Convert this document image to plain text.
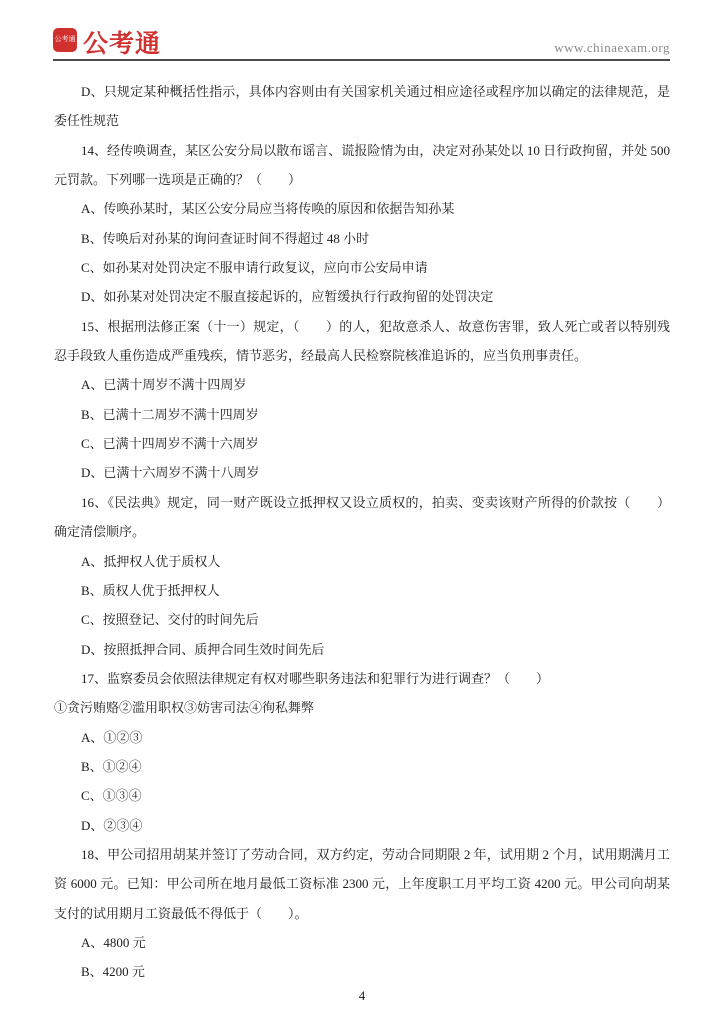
公考通 公考通	www.chinaexam.org

D、只规定某种概括性指示，具体内容则由有关国家机关通过相应途径或程序加以确定的法律规范，是委任性规范

14、经传唤调查，某区公安分局以散布谣言、谎报险情为由，决定对孙某处以 10 日行政拘留，并处 500 元罚款。下列哪一选项是正确的？（　　）

A、传唤孙某时，某区公安分局应当将传唤的原因和依据告知孙某

B、传唤后对孙某的询问查证时间不得超过 48 小时

C、如孙某对处罚决定不服申请行政复议，应向市公安局申请

D、如孙某对处罚决定不服直接起诉的，应暂缓执行行政拘留的处罚决定

15、根据刑法修正案（十一）规定，（　　）的人，犯故意杀人、故意伤害罪，致人死亡或者以特别残忍手段致人重伤造成严重残疾，情节恶劣，经最高人民检察院核准追诉的，应当负刑事责任。

A、已满十周岁不满十四周岁

B、已满十二周岁不满十四周岁

C、已满十四周岁不满十六周岁

D、已满十六周岁不满十八周岁

16、《民法典》规定，同一财产既设立抵押权又设立质权的，拍卖、变卖该财产所得的价款按（　　）确定清偿顺序。

A、抵押权人优于质权人

B、质权人优于抵押权人

C、按照登记、交付的时间先后

D、按照抵押合同、质押合同生效时间先后

17、监察委员会依照法律规定有权对哪些职务违法和犯罪行为进行调查？（　　）

①贪污贿赂②滥用职权③妨害司法④徇私舞弊

A、①②③

B、①②④

C、①③④

D、②③④

18、甲公司招用胡某并签订了劳动合同，双方约定，劳动合同期限 2 年，试用期 2 个月，试用期满月工资 6000 元。已知：甲公司所在地月最低工资标准 2300 元，上年度职工月平均工资 4200 元。甲公司向胡某支付的试用期月工资最低不得低于（　　）。

A、4800 元

B、4200 元

4
